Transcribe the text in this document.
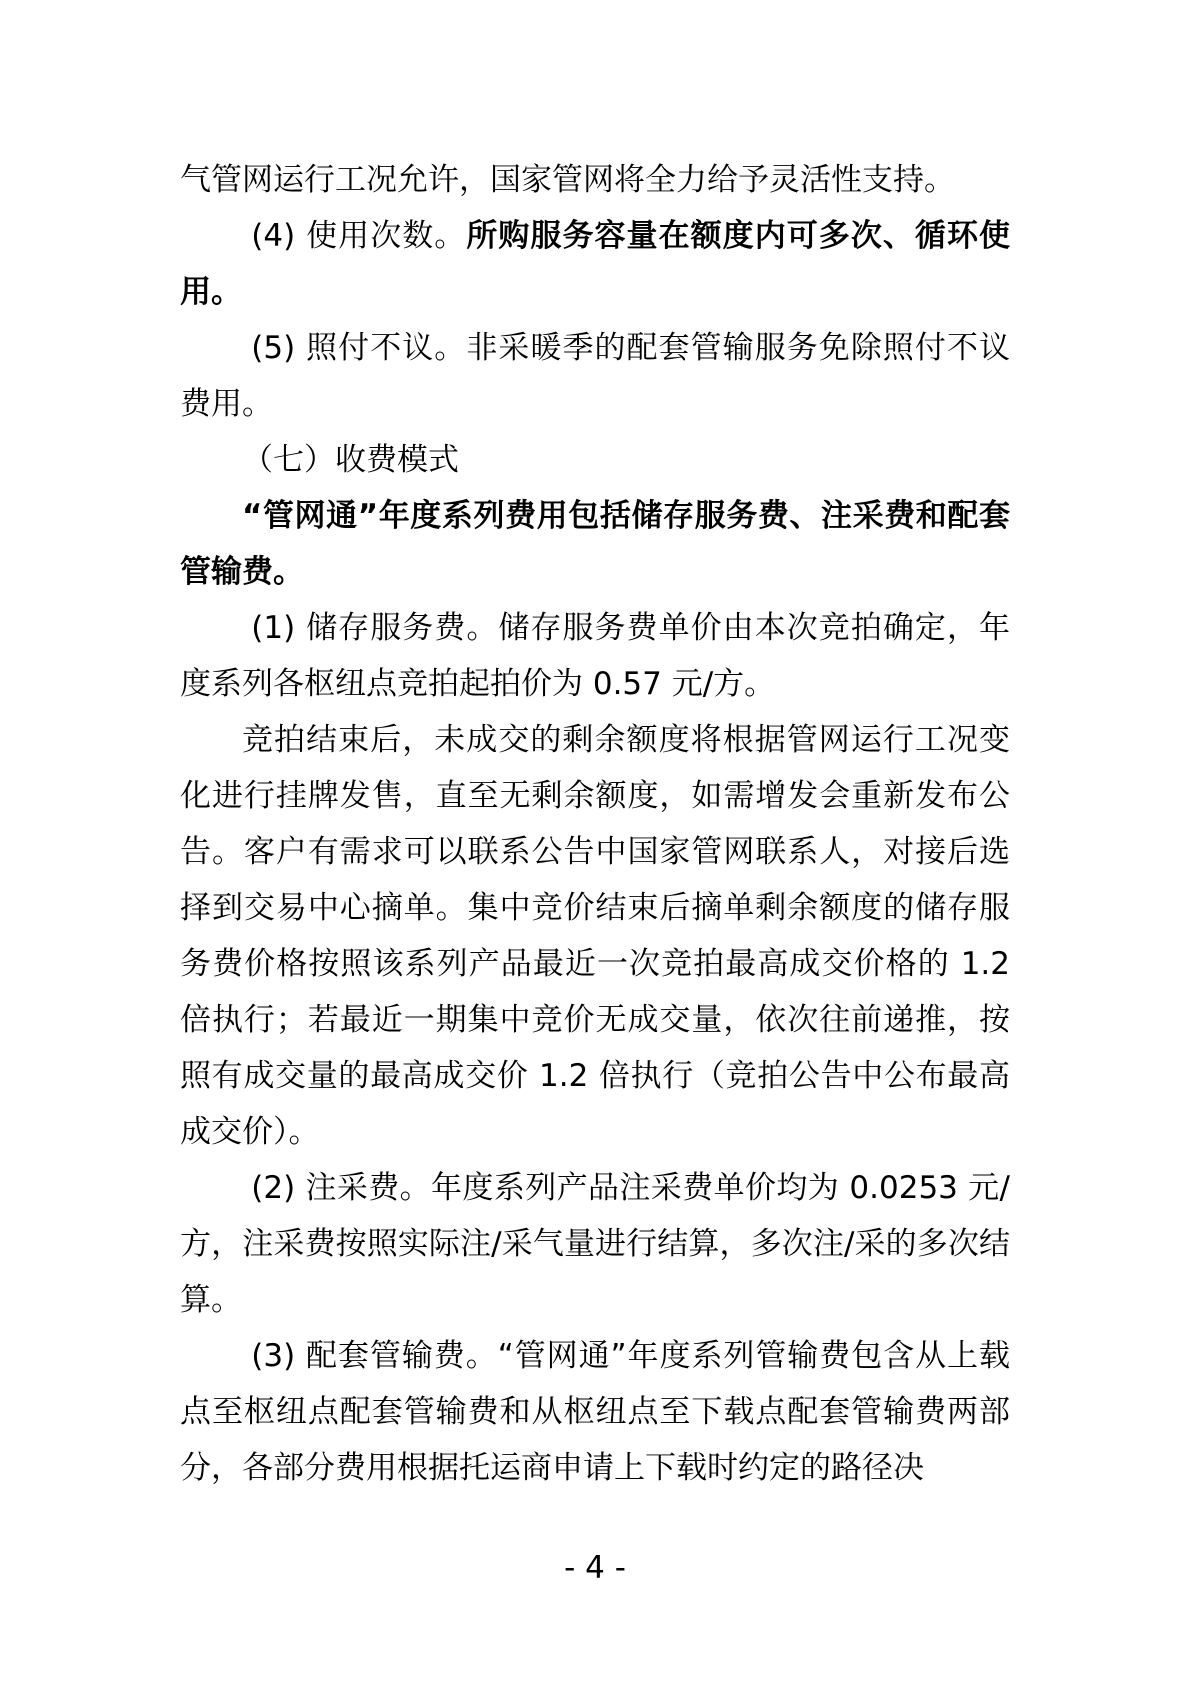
气管网运行工况允许，国家管网将全力给予灵活性支持。

(4) 使用次数。所购服务容量在额度内可多次、循环使用。

(5) 照付不议。非采暖季的配套管输服务免除照付不议费用。

（七）收费模式

“管网通”年度系列费用包括储存服务费、注采费和配套管输费。

(1) 储存服务费。储存服务费单价由本次竞拍确定，年度系列各枢纽点竞拍起拍价为 0.57 元/方。

竞拍结束后，未成交的剩余额度将根据管网运行工况变化进行挂牌发售，直至无剩余额度，如需增发会重新发布公告。客户有需求可以联系公告中国家管网联系人，对接后选择到交易中心摘单。集中竞价结束后摘单剩余额度的储存服务费价格按照该系列产品最近一次竞拍最高成交价格的 1.2 倍执行；若最近一期集中竞价无成交量，依次往前递推，按照有成交量的最高成交价 1.2 倍执行（竞拍公告中公布最高成交价）。

(2) 注采费。年度系列产品注采费单价均为 0.0253 元/方，注采费按照实际注/采气量进行结算，多次注/采的多次结算。

(3) 配套管输费。“管网通”年度系列管输费包含从上载点至枢纽点配套管输费和从枢纽点至下载点配套管输费两部分，各部分费用根据托运商申请上下载时约定的路径决

- 4 -
